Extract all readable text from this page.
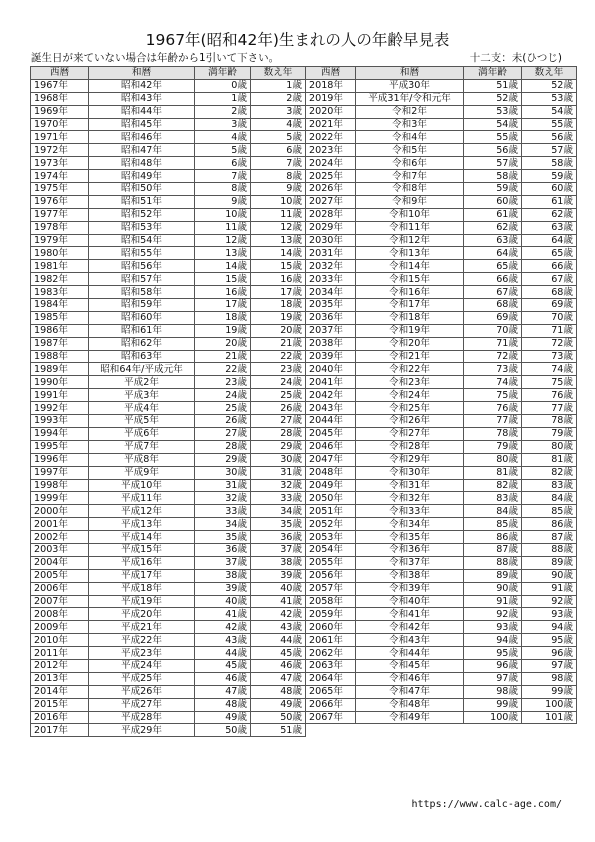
1967年(昭和42年)生まれの人の年齢早見表
誕生日が来ていない場合は年齢から1引いて下さい。	十二支：未(ひつじ)
西暦	和暦	満年齢	数え年
1967年	昭和42年	0歳	1歳
1968年	昭和43年	1歳	2歳
1969年	昭和44年	2歳	3歳
1970年	昭和45年	3歳	4歳
1971年	昭和46年	4歳	5歳
1972年	昭和47年	5歳	6歳
1973年	昭和48年	6歳	7歳
1974年	昭和49年	7歳	8歳
1975年	昭和50年	8歳	9歳
1976年	昭和51年	9歳	10歳
1977年	昭和52年	10歳	11歳
1978年	昭和53年	11歳	12歳
1979年	昭和54年	12歳	13歳
1980年	昭和55年	13歳	14歳
1981年	昭和56年	14歳	15歳
1982年	昭和57年	15歳	16歳
1983年	昭和58年	16歳	17歳
1984年	昭和59年	17歳	18歳
1985年	昭和60年	18歳	19歳
1986年	昭和61年	19歳	20歳
1987年	昭和62年	20歳	21歳
1988年	昭和63年	21歳	22歳
1989年	昭和64年/平成元年	22歳	23歳
1990年	平成2年	23歳	24歳
1991年	平成3年	24歳	25歳
1992年	平成4年	25歳	26歳
1993年	平成5年	26歳	27歳
1994年	平成6年	27歳	28歳
1995年	平成7年	28歳	29歳
1996年	平成8年	29歳	30歳
1997年	平成9年	30歳	31歳
1998年	平成10年	31歳	32歳
1999年	平成11年	32歳	33歳
2000年	平成12年	33歳	34歳
2001年	平成13年	34歳	35歳
2002年	平成14年	35歳	36歳
2003年	平成15年	36歳	37歳
2004年	平成16年	37歳	38歳
2005年	平成17年	38歳	39歳
2006年	平成18年	39歳	40歳
2007年	平成19年	40歳	41歳
2008年	平成20年	41歳	42歳
2009年	平成21年	42歳	43歳
2010年	平成22年	43歳	44歳
2011年	平成23年	44歳	45歳
2012年	平成24年	45歳	46歳
2013年	平成25年	46歳	47歳
2014年	平成26年	47歳	48歳
2015年	平成27年	48歳	49歳
2016年	平成28年	49歳	50歳
2017年	平成29年	50歳	51歳
西暦	和暦	満年齢	数え年
2018年	平成30年	51歳	52歳
2019年	平成31年/令和元年	52歳	53歳
2020年	令和2年	53歳	54歳
2021年	令和3年	54歳	55歳
2022年	令和4年	55歳	56歳
2023年	令和5年	56歳	57歳
2024年	令和6年	57歳	58歳
2025年	令和7年	58歳	59歳
2026年	令和8年	59歳	60歳
2027年	令和9年	60歳	61歳
2028年	令和10年	61歳	62歳
2029年	令和11年	62歳	63歳
2030年	令和12年	63歳	64歳
2031年	令和13年	64歳	65歳
2032年	令和14年	65歳	66歳
2033年	令和15年	66歳	67歳
2034年	令和16年	67歳	68歳
2035年	令和17年	68歳	69歳
2036年	令和18年	69歳	70歳
2037年	令和19年	70歳	71歳
2038年	令和20年	71歳	72歳
2039年	令和21年	72歳	73歳
2040年	令和22年	73歳	74歳
2041年	令和23年	74歳	75歳
2042年	令和24年	75歳	76歳
2043年	令和25年	76歳	77歳
2044年	令和26年	77歳	78歳
2045年	令和27年	78歳	79歳
2046年	令和28年	79歳	80歳
2047年	令和29年	80歳	81歳
2048年	令和30年	81歳	82歳
2049年	令和31年	82歳	83歳
2050年	令和32年	83歳	84歳
2051年	令和33年	84歳	85歳
2052年	令和34年	85歳	86歳
2053年	令和35年	86歳	87歳
2054年	令和36年	87歳	88歳
2055年	令和37年	88歳	89歳
2056年	令和38年	89歳	90歳
2057年	令和39年	90歳	91歳
2058年	令和40年	91歳	92歳
2059年	令和41年	92歳	93歳
2060年	令和42年	93歳	94歳
2061年	令和43年	94歳	95歳
2062年	令和44年	95歳	96歳
2063年	令和45年	96歳	97歳
2064年	令和46年	97歳	98歳
2065年	令和47年	98歳	99歳
2066年	令和48年	99歳	100歳
2067年	令和49年	100歳	101歳
https://www.calc-age.com/
